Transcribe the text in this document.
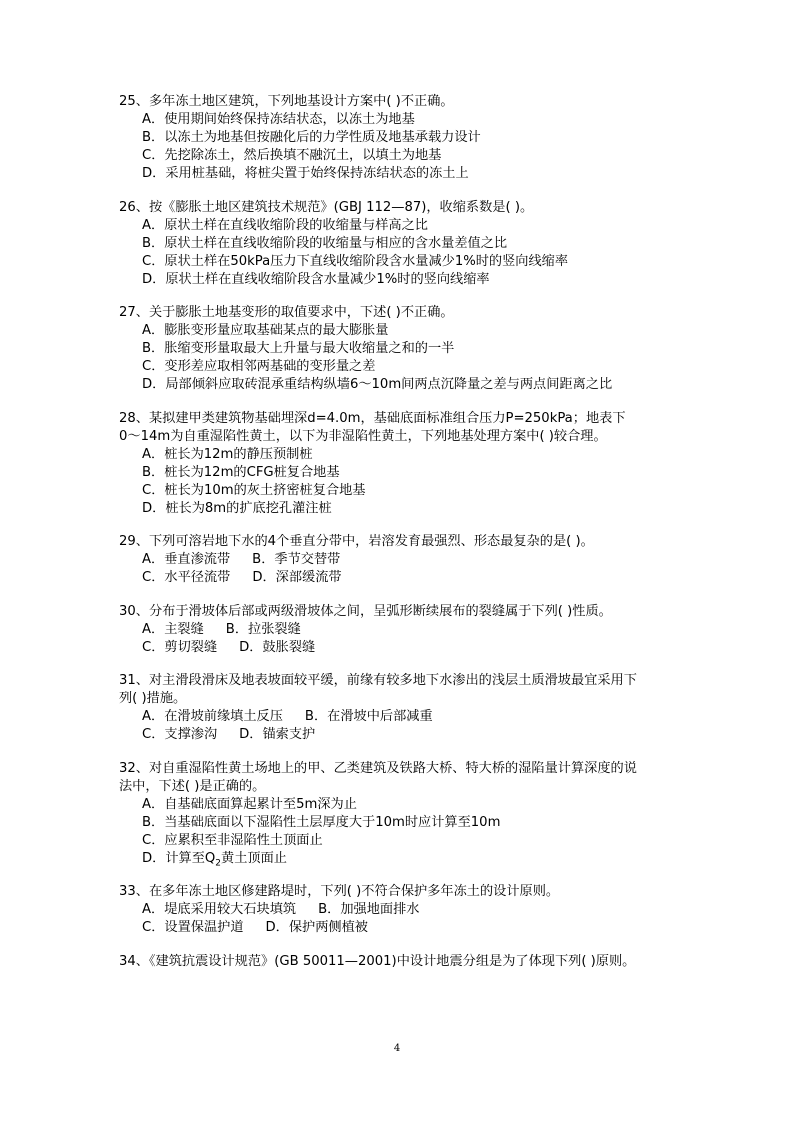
25、多年冻土地区建筑，下列地基设计方案中( )不正确。
A．使用期间始终保持冻结状态，以冻土为地基
B．以冻土为地基但按融化后的力学性质及地基承载力设计
C．先挖除冻土，然后换填不融沉土，以填土为地基
D．采用桩基础，将桩尖置于始终保持冻结状态的冻土上
26、按《膨胀土地区建筑技术规范》(GBJ 112—87)，收缩系数是( )。
A．原状土样在直线收缩阶段的收缩量与样高之比
B．原状土样在直线收缩阶段的收缩量与相应的含水量差值之比
C．原状土样在50kPa压力下直线收缩阶段含水量减少1%时的竖向线缩率
D．原状土样在直线收缩阶段含水量减少1%时的竖向线缩率
27、关于膨胀土地基变形的取值要求中，下述( )不正确。
A．膨胀变形量应取基础某点的最大膨胀量
B．胀缩变形量取最大上升量与最大收缩量之和的一半
C．变形差应取相邻两基础的变形量之差
D．局部倾斜应取砖混承重结构纵墙6～10m间两点沉降量之差与两点间距离之比
28、某拟建甲类建筑物基础埋深d=4.0m，基础底面标准组合压力P=250kPa；地表下
0～14m为自重湿陷性黄土，以下为非湿陷性黄土，下列地基处理方案中( )较合理。
A．桩长为12m的静压预制桩
B．桩长为12m的CFG桩复合地基
C．桩长为10m的灰土挤密桩复合地基
D．桩长为8m的扩底挖孔灌注桩
29、下列可溶岩地下水的4个垂直分带中，岩溶发育最强烈、形态最复杂的是( )。
A．垂直渗流带 B．季节交替带
C．水平径流带 D．深部缓流带
30、分布于滑坡体后部或两级滑坡体之间，呈弧形断续展布的裂缝属于下列( )性质。
A．主裂缝 B．拉张裂缝
C．剪切裂缝 D．鼓胀裂缝
31、对主滑段滑床及地表坡面较平缓，前缘有较多地下水渗出的浅层土质滑坡最宜采用下
列( )措施。
A．在滑坡前缘填土反压 B．在滑坡中后部减重
C．支撑渗沟 D．锚索支护
32、对自重湿陷性黄土场地上的甲、乙类建筑及铁路大桥、特大桥的湿陷量计算深度的说
法中，下述( )是正确的。
A．自基础底面算起累计至5m深为止
B．当基础底面以下湿陷性土层厚度大于10m时应计算至10m
C．应累积至非湿陷性土顶面止
D．计算至$Q_2$黄土顶面止
33、在多年冻土地区修建路堤时，下列( )不符合保护多年冻土的设计原则。
A．堤底采用较大石块填筑 B．加强地面排水
C．设置保温护道 D．保护两侧植被
34、《建筑抗震设计规范》(GB 50011—2001)中设计地震分组是为了体现下列( )原则。
4
